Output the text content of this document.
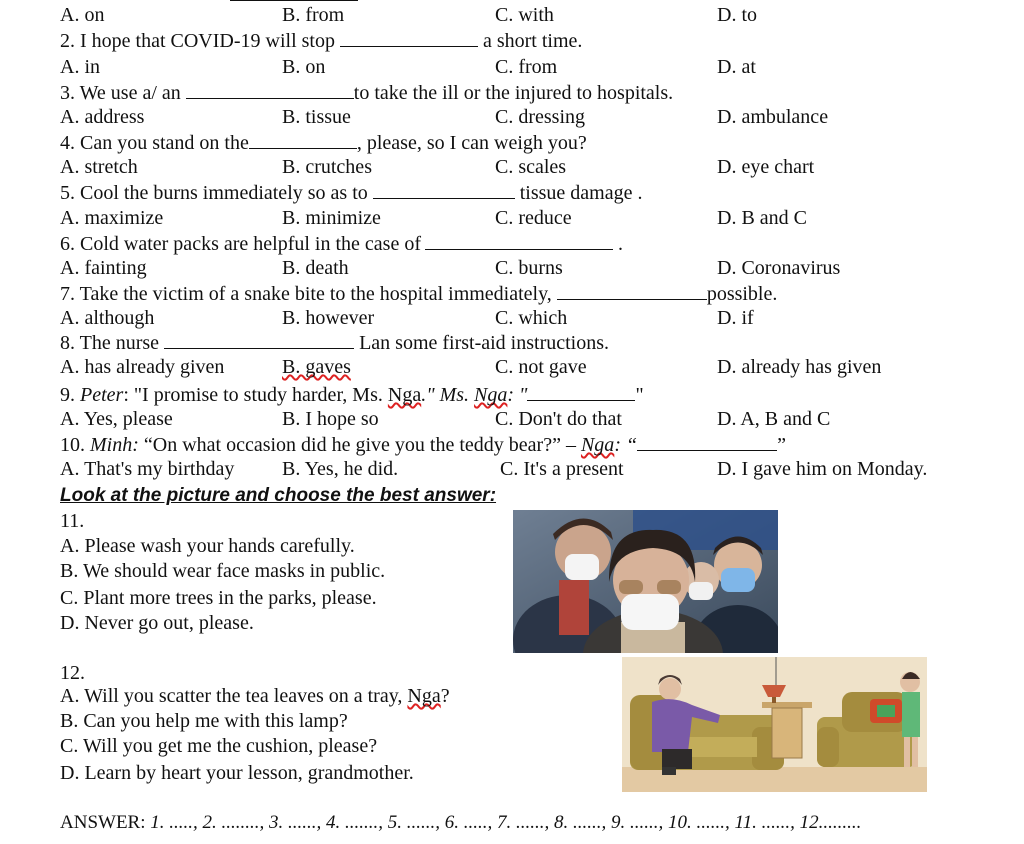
A. on	B. from	C. with	D. to
2. I hope that COVID-19 will stop	a short time.
A. in	B. on	C. from	D. at
3. We use a/ an	to take the ill or the injured to hospitals.
A. address	B. tissue	C. dressing	D. ambulance
4. Can you stand on the	, please, so I can weigh you?
A. stretch	B. crutches	C. scales	D. eye chart
5. Cool the burns immediately so as to	tissue damage .
A. maximize	B. minimize	C. reduce	D. B and C
6. Cold water packs are helpful in the case of	.
A. fainting	B. death	C. burns	D. Coronavirus
7. Take the victim of a snake bite to the hospital immediately,	possible.
A. although	B. however	C. which	D. if
8. The nurse	Lan some first-aid instructions.
A. has already given	B. gaves	C. not gave	D. already has given
9. Peter: "I promise to study harder, Ms. Nga." Ms. Nga: "	"
A. Yes, please	B. I hope so	C. Don't do that	D. A, B and C
10. Minh: “On what occasion did he give you the teddy bear?” – Nga: “	”
A. That's my birthday B. Yes, he did.	C. It's a present	D. I gave him on Monday.
Look at the picture and choose the best answer:
11.
A. Please wash your hands carefully.
B. We should wear face masks in public.
C. Plant more trees in the parks, please.
D. Never go out, please.
12.
A. Will you scatter the tea leaves on a tray, Nga?
B. Can you help me with this lamp?
C. Will you get me the cushion, please?
D. Learn by heart your lesson, grandmother.
ANSWER: 1. ....., 2. ........, 3. ......, 4. ......., 5. ......, 6. ....., 7. ......, 8. ......, 9. ......, 10. ......, 11. ......, 12.........
